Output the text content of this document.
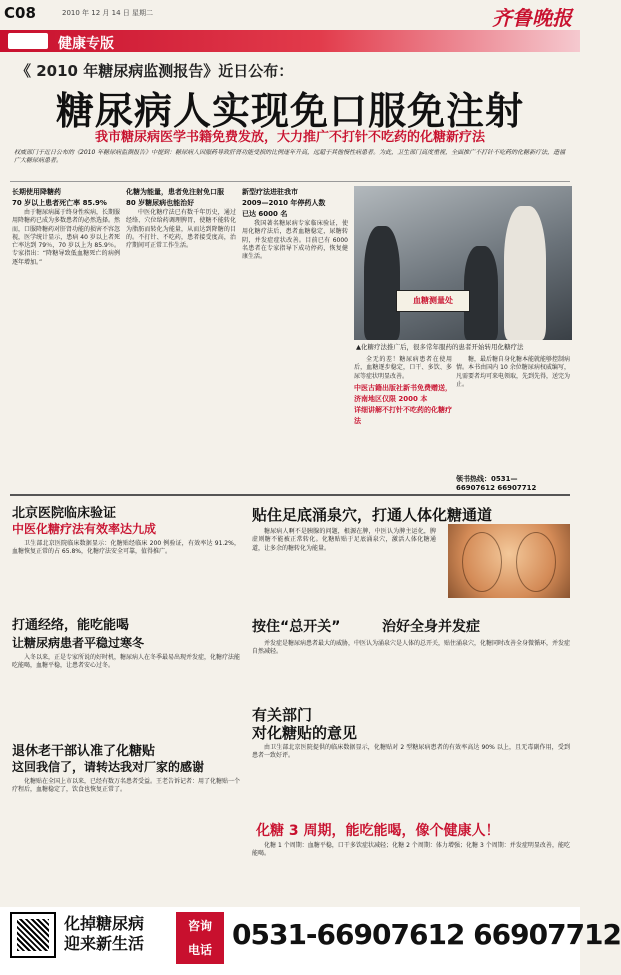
C08	2010 年 12 月 14 日 星期二	齐鲁晚报
健康专版
《 2010 年糖尿病监测报告》近日公布：
糖尿病人实现免口服免注射
我市糖尿病医学书籍免费发放，大力推广不打针不吃药的化糖新疗法
权威部门于近日公布的《2010 年糖尿病监测报告》中提到：糖尿病人因服药导致肝肾功能受损的比例逐年升高，远超于其他慢性病患者。为此，卫生部门高度重视，全面推广不打针不吃药的化糖新疗法，造福广大糖尿病患者。
长期使用降糖药
70 岁以上患者死亡率 85.9%

由于糖尿病属于终身性疾病，长期服用降糖药已成为多数患者的必然选择。然而，口服降糖药对肝肾功能的损害不容忽视，医学统计显示，患病 40 岁以上者死亡率达到 79％，70 岁以上为 85.9％。专家指出：“降糖导致低血糖死亡的病例逐年增加。”

化糖为能量，患者免注射免口服
80 岁糖尿病也能治好

中医化糖疗法已有数千年历史，通过经络、穴位给药调理脾胃，使糖不能转化为脂肪而转化为能量，从而达到降糖的目的。不打针、不吃药，患者接受度高，治疗期间可正常工作生活。

新型疗法进驻我市
2009—2010 年停药人数
已达 6000 名

我国著名糖尿病专家临床验证，使用化糖疗法后，患者血糖稳定，尿糖转阴，并发症症状改善。目前已有 6000 名患者在专家指导下成功停药，恢复健康生活。

血糖测量处
▲化糖疗法推广后，很多常年服药的患者开始转用化糖疗法

全无的差！糖尿病患者在使用后，血糖逐步稳定，口干、多饮、多尿等症状明显改善。

中医古籍出版社新书免费赠送，
济南地区仅限 2000 本
详细讲解不打针不吃药的化糖疗法

糖，最后糖自身化糖本能就能够控制病情。本书由国内 10 余位糖尿病权威编写，凡需要者均可来电领取，先到先得，送完为止。

领书热线：0531—
66907612 66907712
北京医院临床验证
中医化糖疗法有效率达九成

卫生部北京医院临床数据显示：化糖贴经临床 200 例验证，有效率达 91.2%，血糖恢复正常的占 65.8%，化糖疗法安全可靠，值得推广。

贴住足底涌泉穴，打通人体化糖通道

糖尿病人啊不是胰腺的问题，根源在脾，中医认为脾主运化，脾虚则糖不能被正常转化。化糖贴贴于足底涌泉穴，激活人体化糖通道，让多余的糖转化为能量。

打通经络，能吃能喝
让糖尿病患者平稳过寒冬

入冬以来，正是专家所说的好时机，糖尿病人在冬季最易出现并发症，化糖疗法能吃能喝，血糖平稳，让患者安心过冬。

按住“总开关”	治好全身并发症

并发症是糖尿病患者最大的威胁，中医认为涌泉穴是人体的总开关，贴住涌泉穴，化糖同时改善全身微循环，并发症自然减轻。

有关部门
对化糖贴的意见

由卫生部北京医院提供的临床数据显示，化糖贴对 2 型糖尿病患者的有效率高达 90% 以上，且无毒副作用，受到患者一致好评。

退休老干部认准了化糖贴
这回我信了，请转达我对厂家的感谢

化糖贴在全国上市以来，已经有数万名患者受益。王老告诉记者：用了化糖贴一个疗程后，血糖稳定了，饮食也恢复正常了。

化糖 3 周期，能吃能喝，像个健康人！

化糖 1 个周期：血糖平稳，口干多饮症状减轻；化糖 2 个周期：体力增强；化糖 3 个周期：并发症明显改善，能吃能喝。

化掉糖尿病
迎来新生活
咨询
电话 0531-66907612 66907712
